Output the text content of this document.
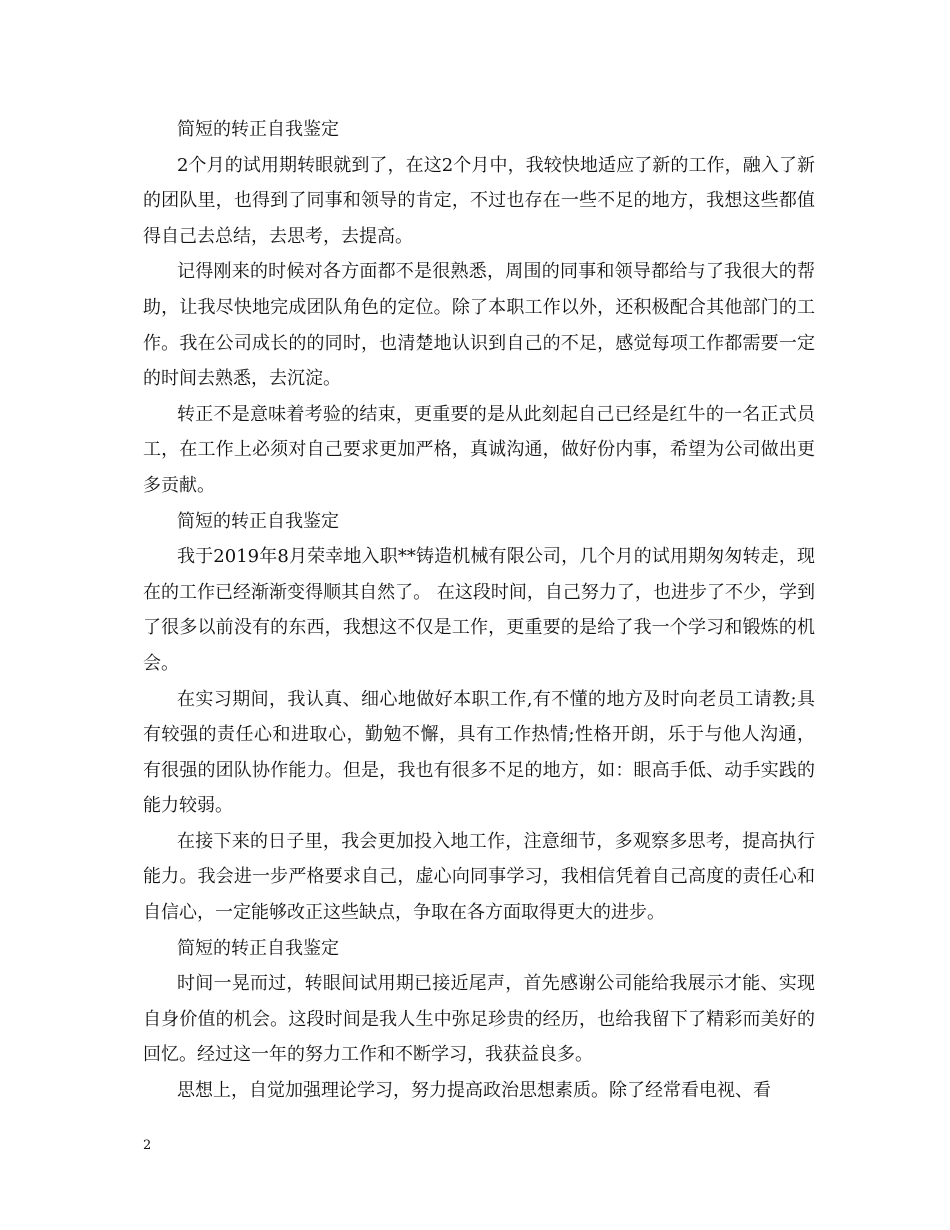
简短的转正自我鉴定

2个月的试用期转眼就到了，在这2个月中，我较快地适应了新的工作，融入了新的团队里，也得到了同事和领导的肯定，不过也存在一些不足的地方，我想这些都值得自己去总结，去思考，去提高。

记得刚来的时候对各方面都不是很熟悉，周围的同事和领导都给与了我很大的帮助，让我尽快地完成团队角色的定位。除了本职工作以外，还积极配合其他部门的工作。我在公司成长的的同时，也清楚地认识到自己的不足，感觉每项工作都需要一定的时间去熟悉，去沉淀。

转正不是意味着考验的结束，更重要的是从此刻起自己已经是红牛的一名正式员工，在工作上必须对自己要求更加严格，真诚沟通，做好份内事，希望为公司做出更多贡献。

简短的转正自我鉴定

我于2019年8月荣幸地入职**铸造机械有限公司，几个月的试用期匆匆转走，现在的工作已经渐渐变得顺其自然了。 在这段时间，自己努力了，也进步了不少，学到了很多以前没有的东西，我想这不仅是工作，更重要的是给了我一个学习和锻炼的机会。

在实习期间，我认真、细心地做好本职工作,有不懂的地方及时向老员工请教;具有较强的责任心和进取心，勤勉不懈，具有工作热情;性格开朗，乐于与他人沟通，有很强的团队协作能力。但是，我也有很多不足的地方，如：眼高手低、动手实践的能力较弱。

在接下来的日子里，我会更加投入地工作，注意细节，多观察多思考，提高执行能力。我会进一步严格要求自己，虚心向同事学习，我相信凭着自己高度的责任心和自信心，一定能够改正这些缺点，争取在各方面取得更大的进步。

简短的转正自我鉴定

时间一晃而过，转眼间试用期已接近尾声，首先感谢公司能给我展示才能、实现自身价值的机会。这段时间是我人生中弥足珍贵的经历，也给我留下了精彩而美好的回忆。经过这一年的努力工作和不断学习，我获益良多。

思想上，自觉加强理论学习，努力提高政治思想素质。除了经常看电视、看

2
